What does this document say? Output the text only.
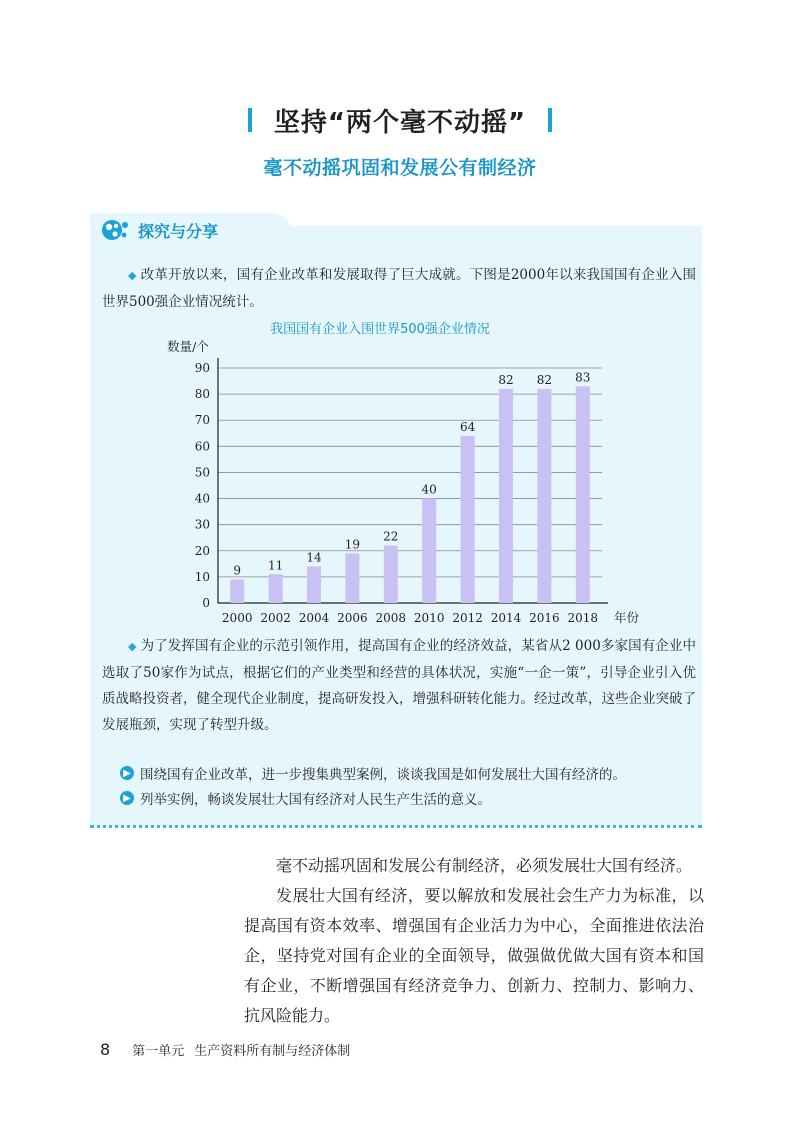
坚持“两个毫不动摇”
毫不动摇巩固和发展公有制经济
探究与分享
◆ 改革开放以来，国有企业改革和发展取得了巨大成就。下图是2000年以来我国国有企业入围世界500强企业情况统计。
我国国有企业入围世界500强企业情况
数量/个
0
10
20
30
40
50
60
70
80
90
9
2000
11
2002
14
2004
19
2006
22
2008
40
2010
64
2012
82
2014
82
2016
83
2018 年份
◆ 为了发挥国有企业的示范引领作用，提高国有企业的经济效益，某省从2 000多家国有企业中选取了50家作为试点，根据它们的产业类型和经营的具体状况，实施“一企一策”，引导企业引入优质战略投资者，健全现代企业制度，提高研发投入，增强科研转化能力。经过改革，这些企业突破了发展瓶颈，实现了转型升级。
▶ 围绕国有企业改革，进一步搜集典型案例，谈谈我国是如何发展壮大国有经济的。
▶ 列举实例，畅谈发展壮大国有经济对人民生产生活的意义。
毫不动摇巩固和发展公有制经济，必须发展壮大国有经济。
发展壮大国有经济，要以解放和发展社会生产力为标准，以提高国有资本效率、增强国有企业活力为中心，全面推进依法治企，坚持党对国有企业的全面领导，做强做优做大国有资本和国有企业，不断增强国有经济竞争力、创新力、控制力、影响力、抗风险能力。
8 第一单元 生产资料所有制与经济体制
